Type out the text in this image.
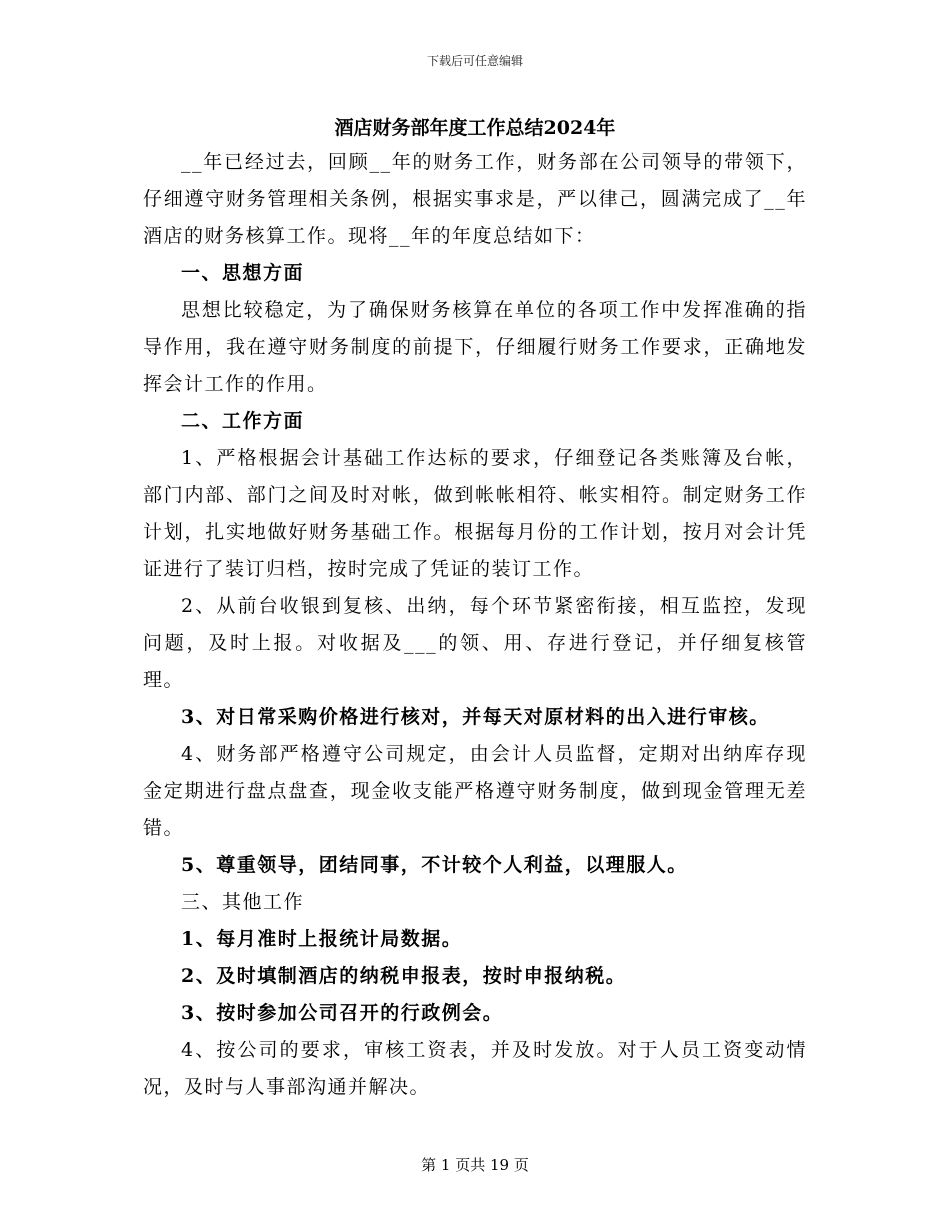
下载后可任意编辑
酒店财务部年度工作总结2024年

__年已经过去，回顾__年的财务工作，财务部在公司领导的带领下，仔细遵守财务管理相关条例，根据实事求是，严以律己，圆满完成了__年酒店的财务核算工作。现将__年的年度总结如下：

一、思想方面

思想比较稳定，为了确保财务核算在单位的各项工作中发挥准确的指导作用，我在遵守财务制度的前提下，仔细履行财务工作要求，正确地发挥会计工作的作用。

二、工作方面

1、严格根据会计基础工作达标的要求，仔细登记各类账簿及台帐，部门内部、部门之间及时对帐，做到帐帐相符、帐实相符。制定财务工作计划，扎实地做好财务基础工作。根据每月份的工作计划，按月对会计凭证进行了装订归档，按时完成了凭证的装订工作。

2、从前台收银到复核、出纳，每个环节紧密衔接，相互监控，发现问题，及时上报。对收据及___的领、用、存进行登记，并仔细复核管理。

3、对日常采购价格进行核对，并每天对原材料的出入进行审核。

4、财务部严格遵守公司规定，由会计人员监督，定期对出纳库存现金定期进行盘点盘查，现金收支能严格遵守财务制度，做到现金管理无差错。

5、尊重领导，团结同事，不计较个人利益，以理服人。

三、其他工作

1、每月准时上报统计局数据。

2、及时填制酒店的纳税申报表，按时申报纳税。

3、按时参加公司召开的行政例会。

4、按公司的要求，审核工资表，并及时发放。对于人员工资变动情况，及时与人事部沟通并解决。

第 1 页共 19 页
